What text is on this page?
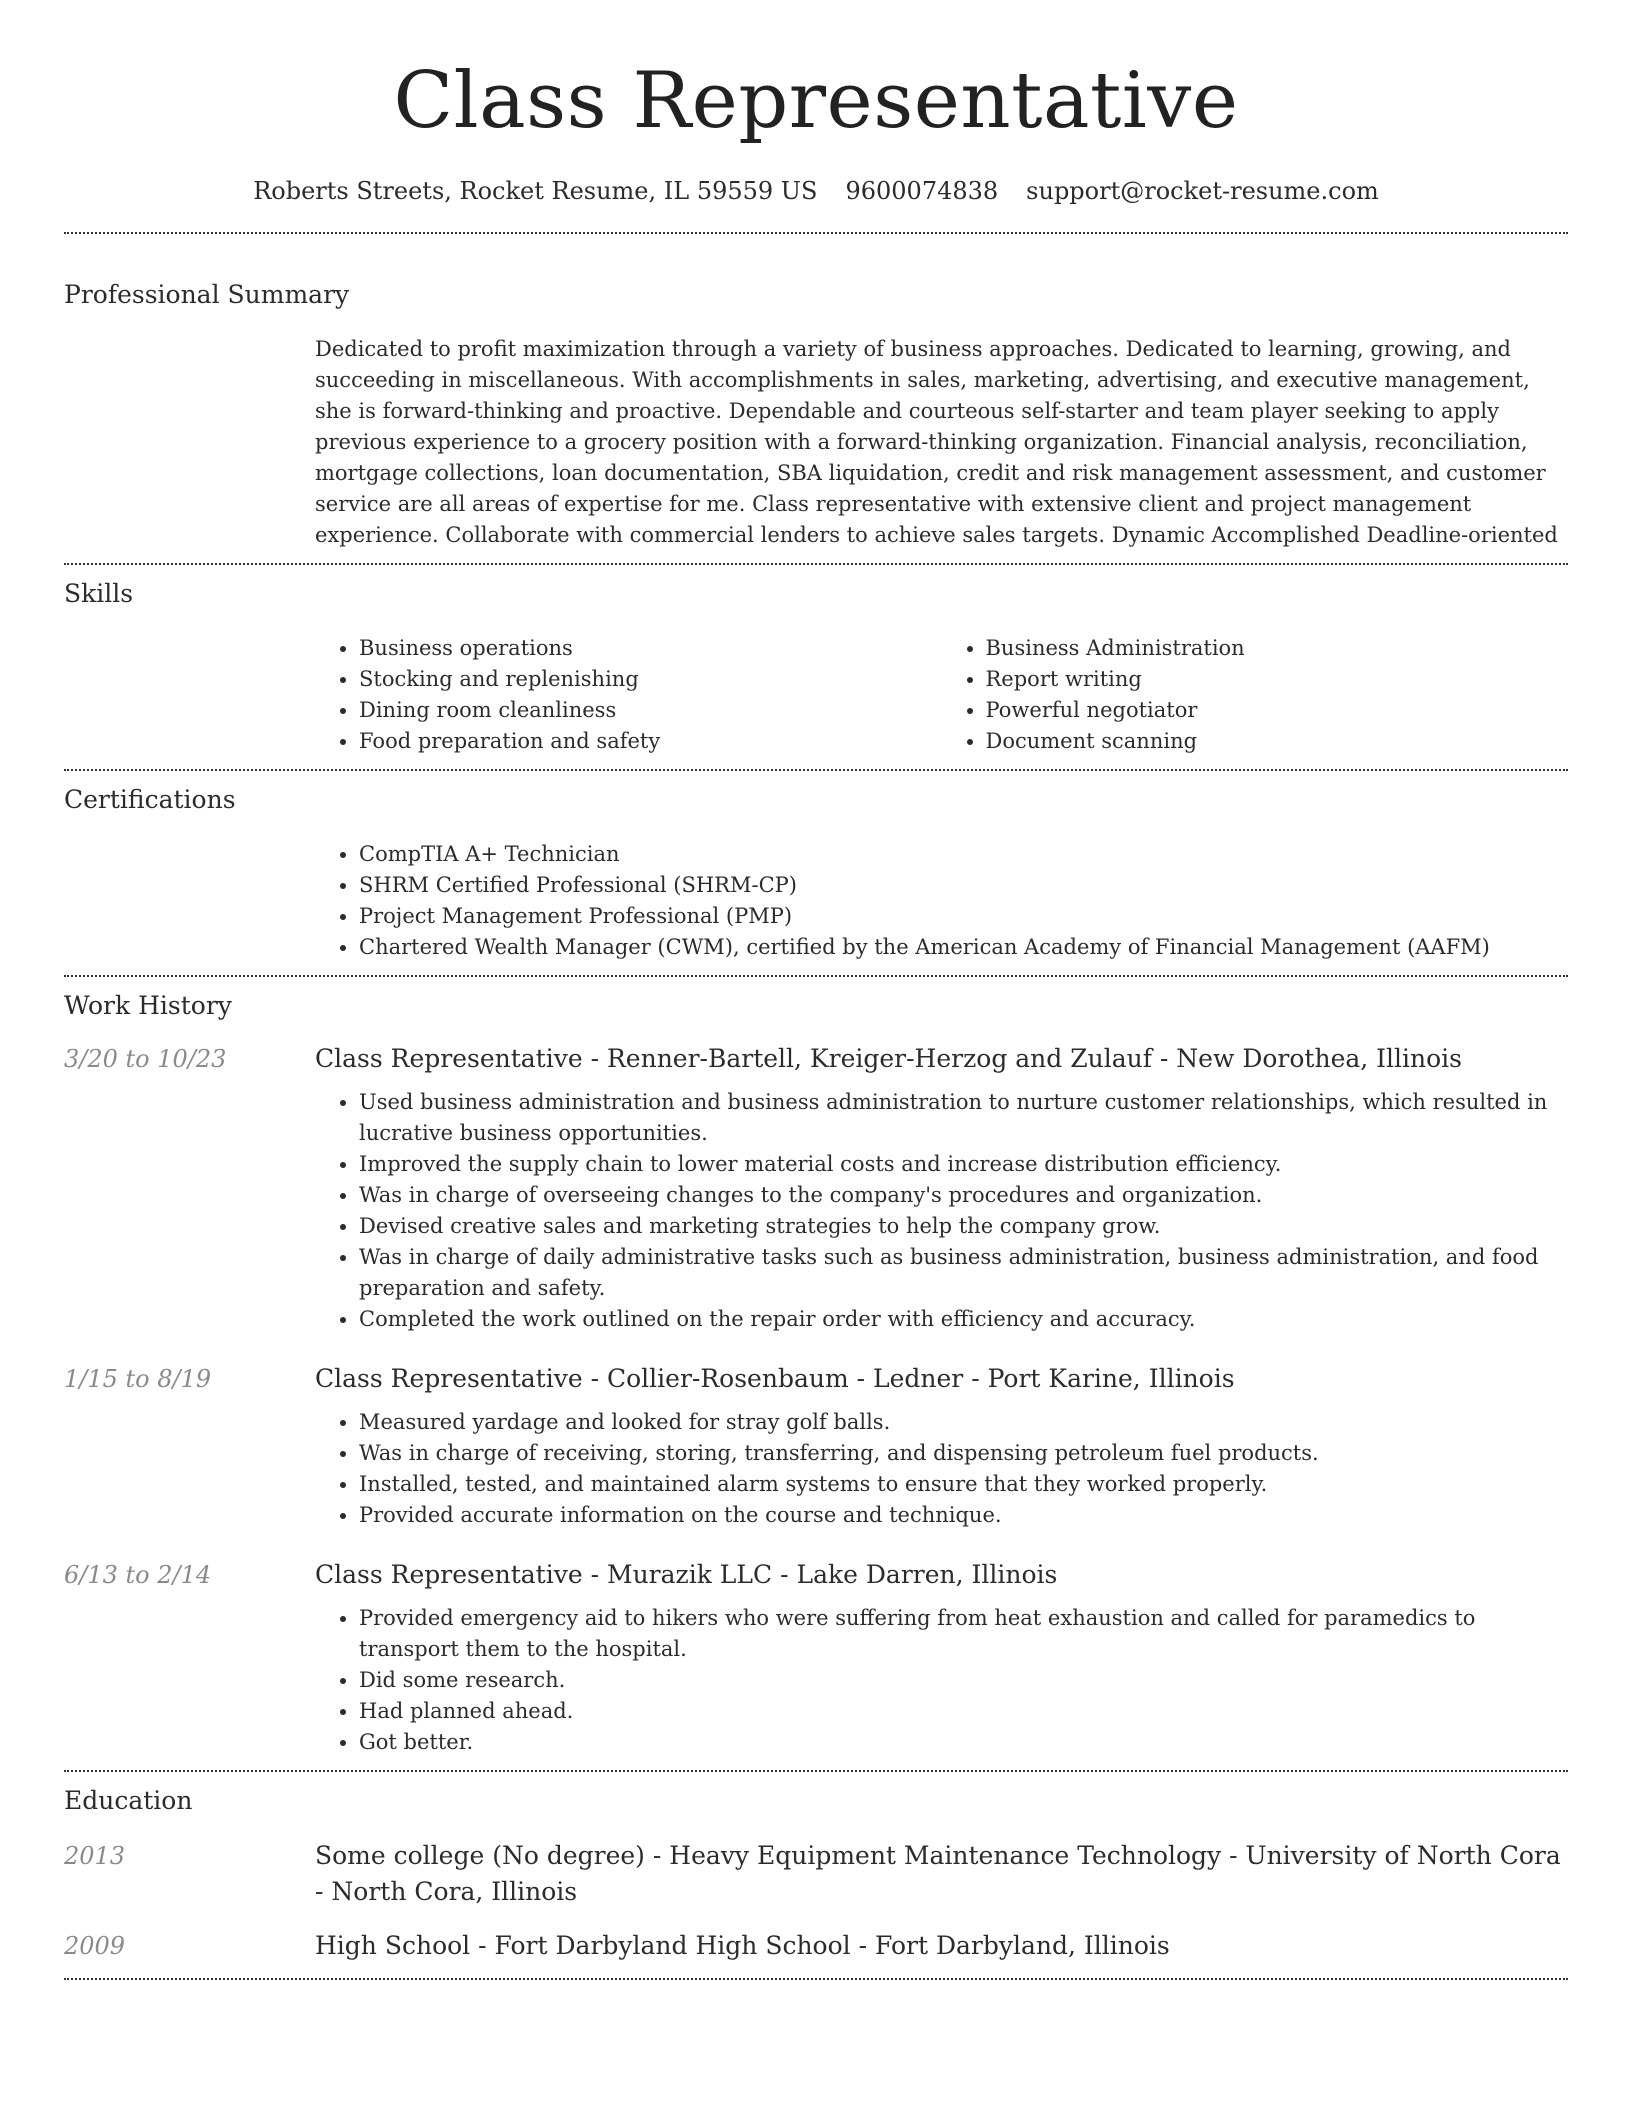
Class Representative
Roberts Streets, Rocket Resume, IL 59559 US 9600074838 support@rocket-resume.com
Professional Summary
Dedicated to profit maximization through a variety of business approaches. Dedicated to learning, growing, and succeeding in miscellaneous. With accomplishments in sales, marketing, advertising, and executive management, she is forward-thinking and proactive. Dependable and courteous self-starter and team player seeking to apply previous experience to a grocery position with a forward-thinking organization. Financial analysis, reconciliation, mortgage collections, loan documentation, SBA liquidation, credit and risk management assessment, and customer service are all areas of expertise for me. Class representative with extensive client and project management experience. Collaborate with commercial lenders to achieve sales targets. Dynamic Accomplished Deadline-oriented
Skills
• Business operations
• Stocking and replenishing
• Dining room cleanliness
• Food preparation and safety
• Business Administration
• Report writing
• Powerful negotiator
• Document scanning
Certifications
• CompTIA A+ Technician
• SHRM Certified Professional (SHRM-CP)
• Project Management Professional (PMP)
• Chartered Wealth Manager (CWM), certified by the American Academy of Financial Management (AAFM)
Work History
3/20 to 10/23	Class Representative - Renner-Bartell, Kreiger-Herzog and Zulauf - New Dorothea, Illinois
• Used business administration and business administration to nurture customer relationships, which resulted in lucrative business opportunities.
• Improved the supply chain to lower material costs and increase distribution efficiency.
• Was in charge of overseeing changes to the company's procedures and organization.
• Devised creative sales and marketing strategies to help the company grow.
• Was in charge of daily administrative tasks such as business administration, business administration, and food preparation and safety.
• Completed the work outlined on the repair order with efficiency and accuracy.
1/15 to 8/19	Class Representative - Collier-Rosenbaum - Ledner - Port Karine, Illinois
• Measured yardage and looked for stray golf balls.
• Was in charge of receiving, storing, transferring, and dispensing petroleum fuel products.
• Installed, tested, and maintained alarm systems to ensure that they worked properly.
• Provided accurate information on the course and technique.
6/13 to 2/14	Class Representative - Murazik LLC - Lake Darren, Illinois
• Provided emergency aid to hikers who were suffering from heat exhaustion and called for paramedics to transport them to the hospital.
• Did some research.
• Had planned ahead.
• Got better.
Education
2013	Some college (No degree) - Heavy Equipment Maintenance Technology - University of North Cora - North Cora, Illinois
2009	High School - Fort Darbyland High School - Fort Darbyland, Illinois
